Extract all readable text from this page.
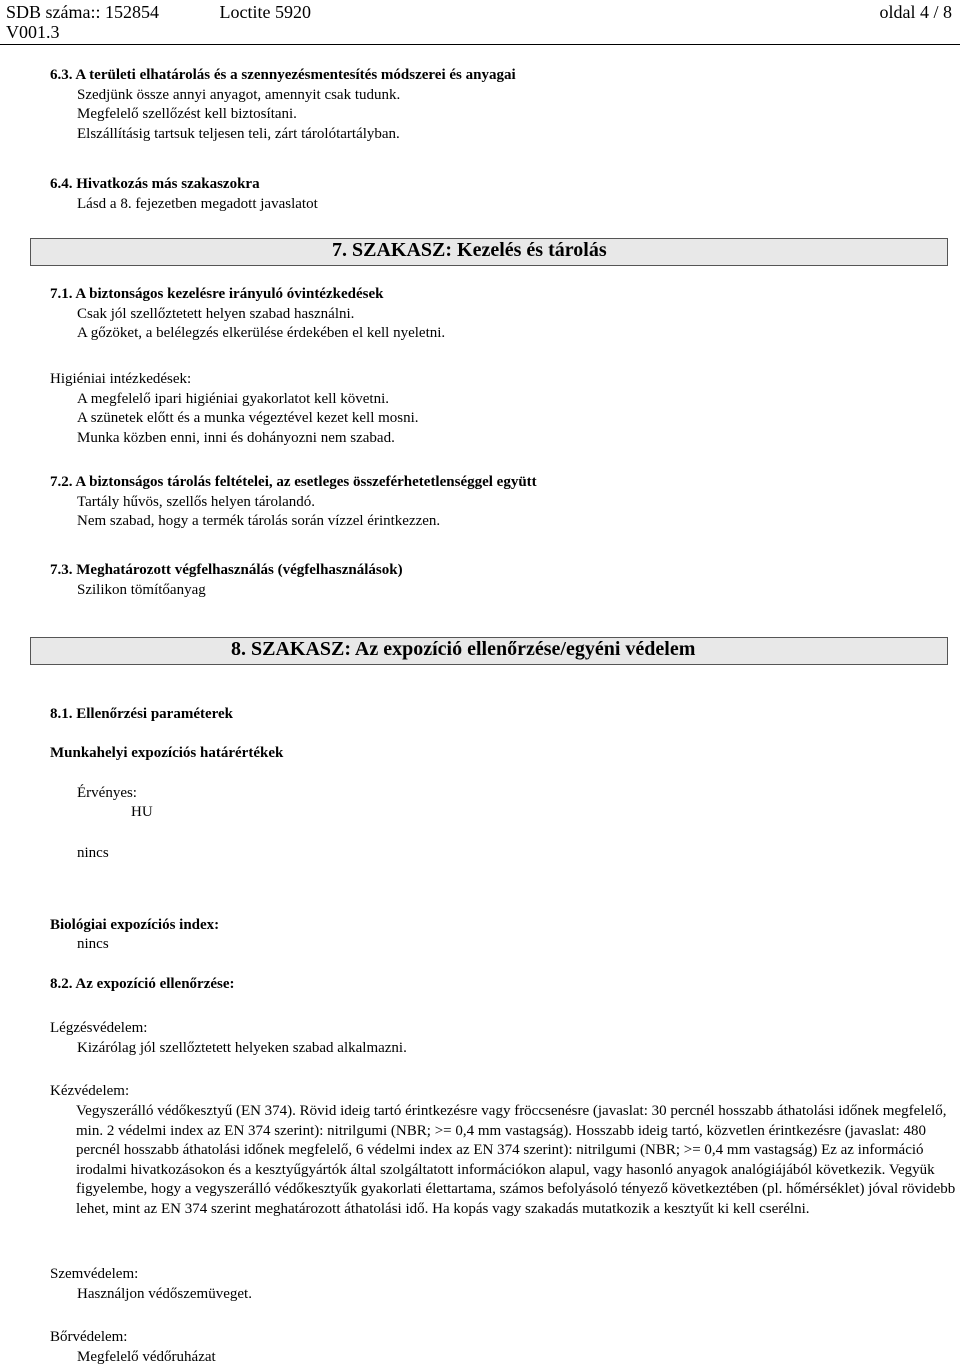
SDB száma:: 152854	Loctite 5920
V001.3
oldal 4 / 8
6.3. A területi elhatárolás és a szennyezésmentesítés módszerei és anyagai
Szedjünk össze annyi anyagot, amennyit csak tudunk.
Megfelelő szellőzést kell biztosítani.
Elszállításig tartsuk teljesen teli, zárt tárolótartályban.
6.4. Hivatkozás más szakaszokra
Lásd a 8. fejezetben megadott javaslatot
7. SZAKASZ: Kezelés és tárolás
7.1. A biztonságos kezelésre irányuló óvintézkedések
Csak jól szellőztetett helyen szabad használni.
A gőzöket, a belélegzés elkerülése érdekében el kell nyeletni.
Higiéniai intézkedések:
A megfelelő ipari higiéniai gyakorlatot kell követni.
A szünetek előtt és a munka végeztével kezet kell mosni.
Munka közben enni, inni és dohányozni nem szabad.
7.2. A biztonságos tárolás feltételei, az esetleges összeférhetetlenséggel együtt
Tartály hűvös, szellős helyen tárolandó.
Nem szabad, hogy a termék tárolás során vízzel érintkezzen.
7.3. Meghatározott végfelhasználás (végfelhasználások)
Szilikon tömítőanyag
8. SZAKASZ: Az expozíció ellenőrzése/egyéni védelem
8.1. Ellenőrzési paraméterek
Munkahelyi expozíciós határértékek
Érvényes:
HU
nincs
Biológiai expozíciós index:
nincs
8.2. Az expozíció ellenőrzése:
Légzésvédelem:
Kizárólag jól szellőztetett helyeken szabad alkalmazni.
Kézvédelem:
Vegyszerálló védőkesztyű (EN 374). Rövid ideig tartó érintkezésre vagy fröccsenésre (javaslat: 30 percnél hosszabb áthatolási időnek megfelelő, min. 2 védelmi index az EN 374 szerint): nitrilgumi (NBR; >= 0,4 mm vastagság). Hosszabb ideig tartó, közvetlen érintkezésre (javaslat: 480 percnél hosszabb áthatolási időnek megfelelő, 6 védelmi index az EN 374 szerint): nitrilgumi (NBR; >= 0,4 mm vastagság) Ez az információ irodalmi hivatkozásokon és a kesztyűgyártók által szolgáltatott információkon alapul, vagy hasonló anyagok analógiájából következik. Vegyük figyelembe, hogy a vegyszerálló védőkesztyűk gyakorlati élettartama, számos befolyásoló tényező következtében (pl. hőmérséklet) jóval rövidebb lehet, mint az EN 374 szerint meghatározott áthatolási idő. Ha kopás vagy szakadás mutatkozik a kesztyűt ki kell cserélni.
Szemvédelem:
Használjon védőszemüveget.
Bőrvédelem:
Megfelelő védőruházat
